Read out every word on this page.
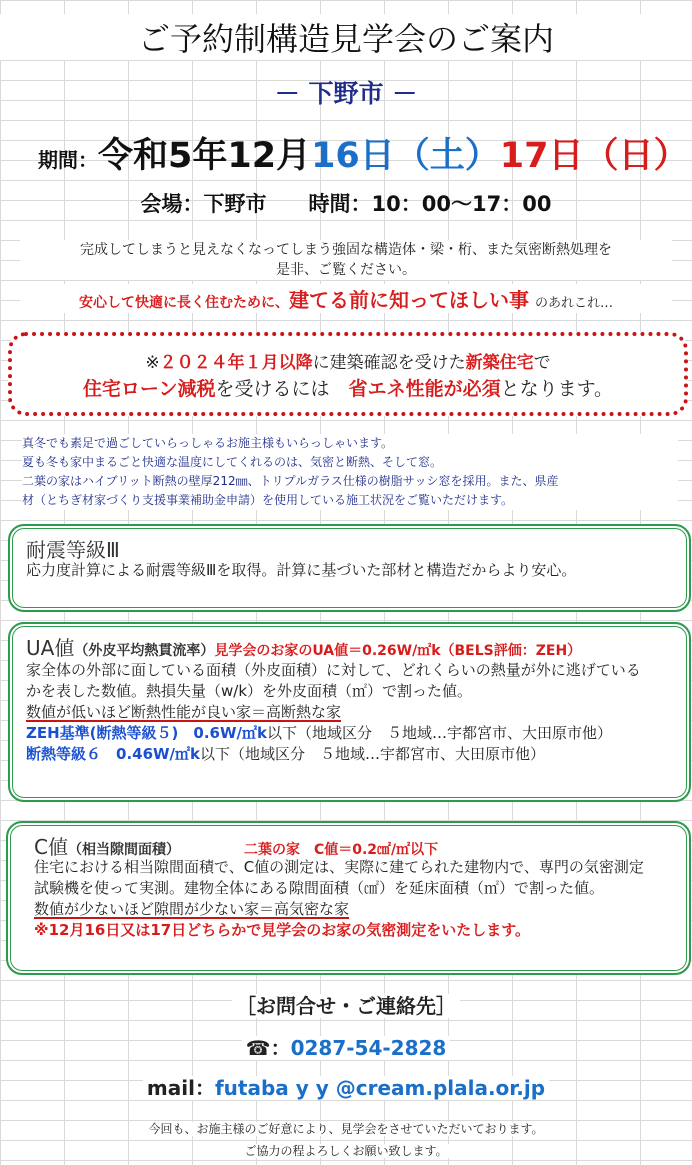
ご予約制構造見学会のご案内
－ 下野市 －
期間：令和5年12月16日（土）17日（日）
会場：下野市　　 時間：10：00～17：00
完成してしまうと見えなくなってしまう強固な構造体・梁・桁、また気密断熱処理を
是非、ご覧ください。
安心して快適に長く住むために、建てる前に知ってほしい事 のあれこれ…
※２０２４年１月以降に建築確認を受けた新築住宅で
住宅ローン減税を受けるには　省エネ性能が必須となります。
真冬でも素足で過ごしていらっしゃるお施主様もいらっしゃいます。
夏も冬も家中まるごと快適な温度にしてくれるのは、気密と断熱、そして窓。
二葉の家はハイブリット断熱の壁厚212㎜、トリプルガラス仕様の樹脂サッシ窓を採用。また、県産
材（とちぎ材家づくり支援事業補助金申請）を使用している施工状況をご覧いただけます。
耐震等級Ⅲ
応力度計算による耐震等級Ⅲを取得。計算に基づいた部材と構造だからより安心。
UA値（外皮平均熱貫流率）見学会のお家のUA値＝0.26W/㎡k（BELS評価：ZEH）
家全体の外部に面している面積（外皮面積）に対して、どれくらいの熱量が外に逃げている
かを表した数値。熱損失量（w/k）を外皮面積（㎡）で割った値。
数値が低いほど断熱性能が良い家＝高断熱な家
ZEH基準(断熱等級５)　0.6W/㎡k以下（地域区分　５地域…宇都宮市、大田原市他）
断熱等級６　0.46W/㎡k以下（地域区分　５地域…宇都宮市、大田原市他）
C値（相当隙間面積）	二葉の家　C値＝0.2㎠/㎡以下
住宅における相当隙間面積で、C値の測定は、実際に建てられた建物内で、専門の気密測定
試験機を使って実測。建物全体にある隙間面積（㎠）を延床面積（㎡）で割った値。
数値が少ないほど隙間が少ない家＝高気密な家
※12月16日又は17日どちらかで見学会のお家の気密測定をいたします。
［お問合せ・ご連絡先］
☎：0287-54-2828
mail：futaba y y @cream.plala.or.jp
今回も、お施主様のご好意により、見学会をさせていただいております。
ご協力の程よろしくお願い致します。
